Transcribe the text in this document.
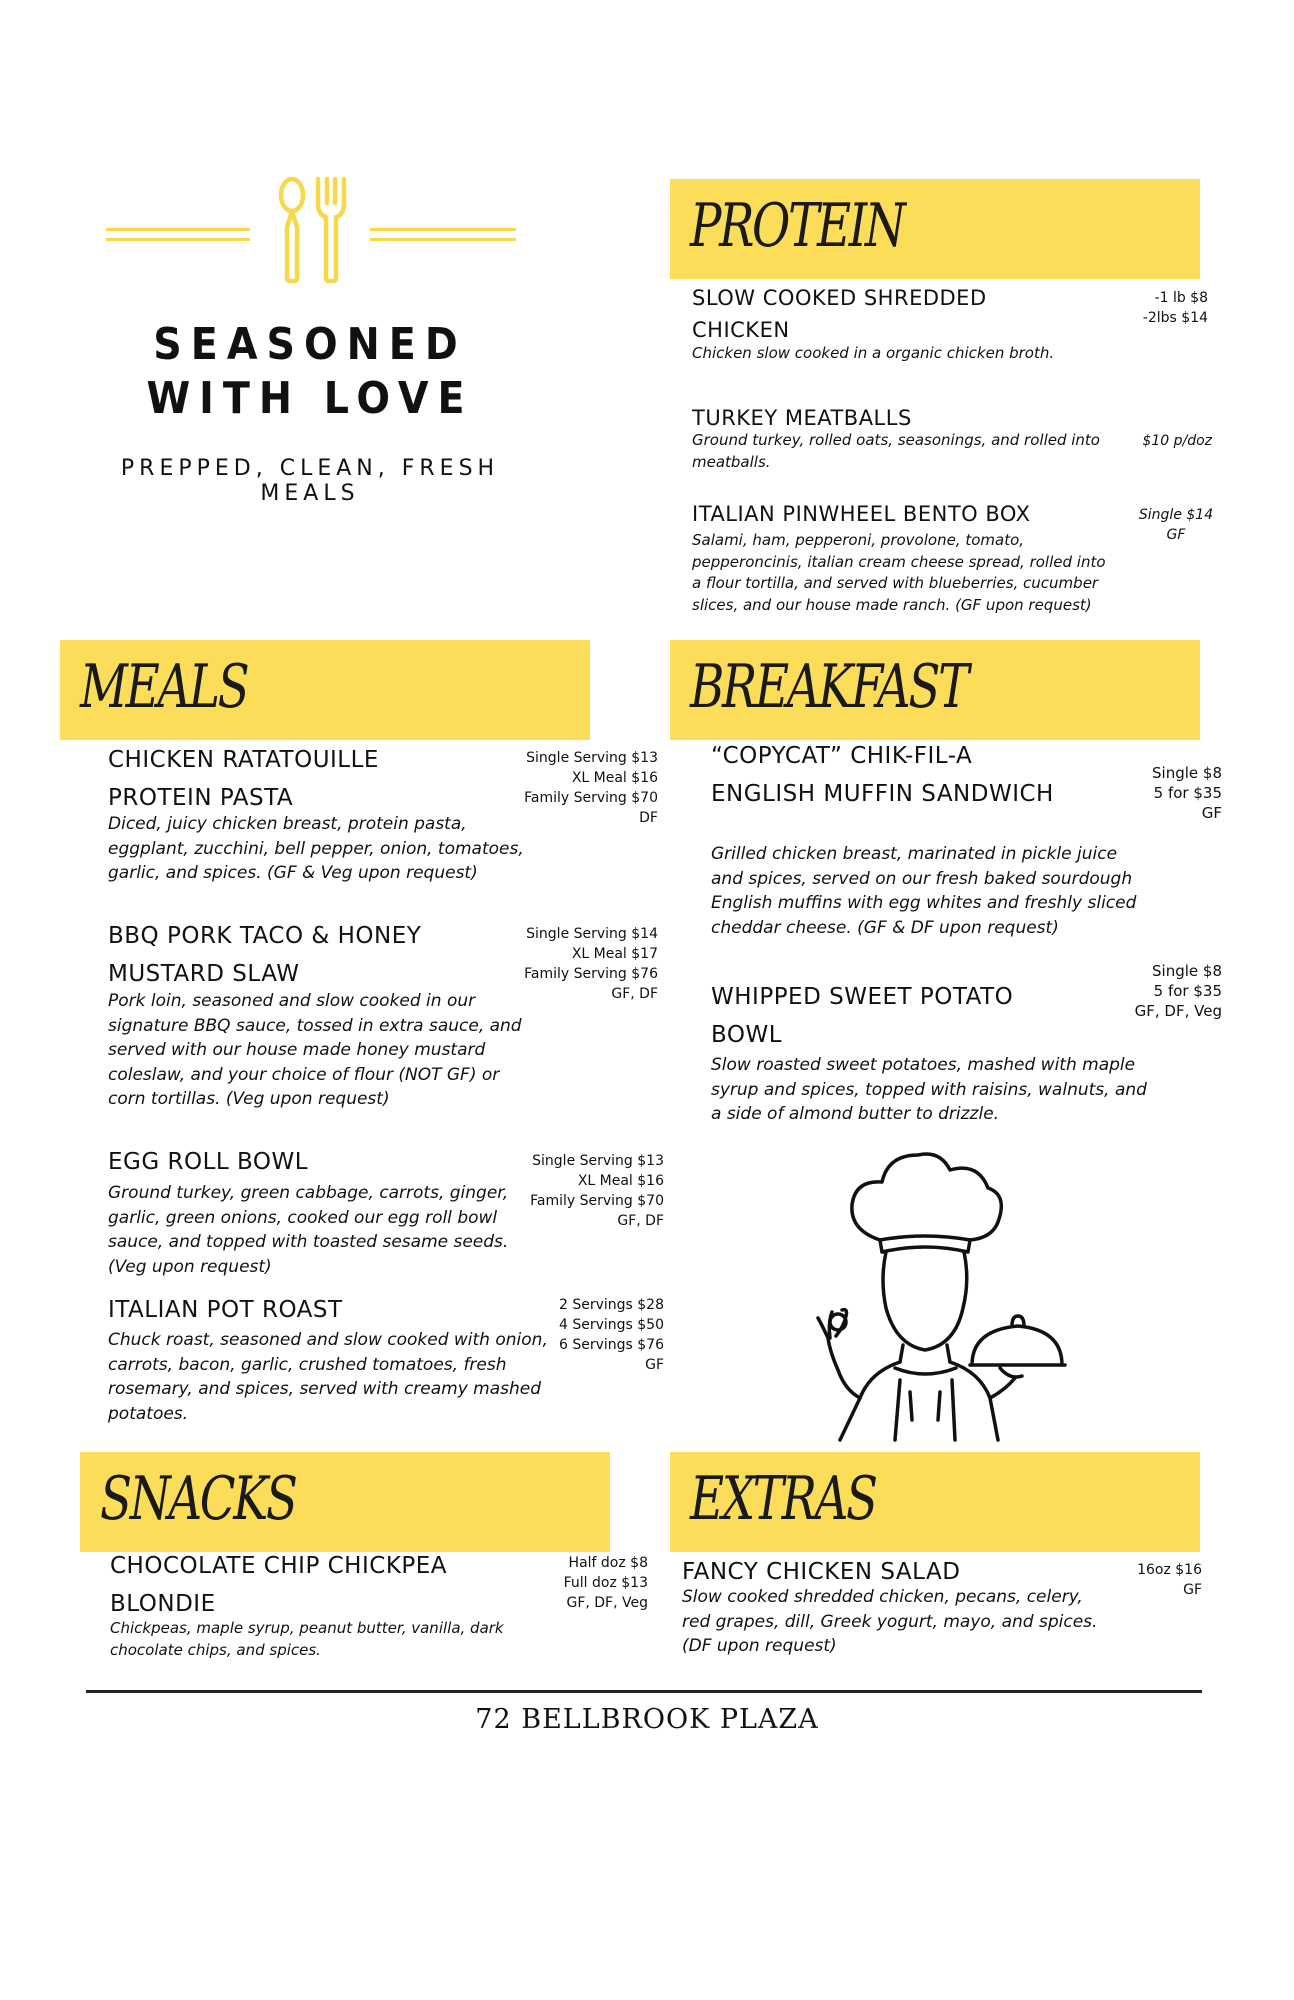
SEASONED WITH LOVE
PREPPED, CLEAN, FRESH MEALS
PROTEIN
SLOW COOKED SHREDDED CHICKEN
Chicken slow cooked in a organic chicken broth.
-1 lb $8
-2lbs $14
TURKEY MEATBALLS
Ground turkey, rolled oats, seasonings, and rolled into meatballs.
$10 p/doz
ITALIAN PINWHEEL BENTO BOX
Salami, ham, pepperoni, provolone, tomato, pepperoncinis, italian cream cheese spread, rolled into a flour tortilla, and served with blueberries, cucumber slices, and our house made ranch. (GF upon request)
Single $14
GF
MEALS
CHICKEN RATATOUILLE PROTEIN PASTA
Diced, juicy chicken breast, protein pasta, eggplant, zucchini, bell pepper, onion, tomatoes, garlic, and spices. (GF & Veg upon request)
Single Serving $13
XL Meal $16
Family Serving $70
DF
BBQ PORK TACO & HONEY MUSTARD SLAW
Pork loin, seasoned and slow cooked in our signature BBQ sauce, tossed in extra sauce, and served with our house made honey mustard coleslaw, and your choice of flour (NOT GF) or corn tortillas. (Veg upon request)
Single Serving $14
XL Meal $17
Family Serving $76
GF, DF
EGG ROLL BOWL
Ground turkey, green cabbage, carrots, ginger, garlic, green onions, cooked our egg roll bowl sauce, and topped with toasted sesame seeds. (Veg upon request)
Single Serving $13
XL Meal $16
Family Serving $70
GF, DF
ITALIAN POT ROAST
Chuck roast, seasoned and slow cooked with onion, carrots, bacon, garlic, crushed tomatoes, fresh rosemary, and spices, served with creamy mashed potatoes.
2 Servings $28
4 Servings $50
6 Servings $76
GF
BREAKFAST
“COPYCAT” CHIK-FIL-A ENGLISH MUFFIN SANDWICH
Grilled chicken breast, marinated in pickle juice and spices, served on our fresh baked sourdough English muffins with egg whites and freshly sliced cheddar cheese. (GF & DF upon request)
Single $8
5 for $35
GF
WHIPPED SWEET POTATO BOWL
Slow roasted sweet potatoes, mashed with maple syrup and spices, topped with raisins, walnuts, and a side of almond butter to drizzle.
Single $8
5 for $35
GF, DF, Veg
SNACKS
CHOCOLATE CHIP CHICKPEA BLONDIE
Chickpeas, maple syrup, peanut butter, vanilla, dark chocolate chips, and spices.
Half doz $8
Full doz $13
GF, DF, Veg
EXTRAS
FANCY CHICKEN SALAD
Slow cooked shredded chicken, pecans, celery, red grapes, dill, Greek yogurt, mayo, and spices. (DF upon request)
16oz $16
GF
72 BELLBROOK PLAZA
